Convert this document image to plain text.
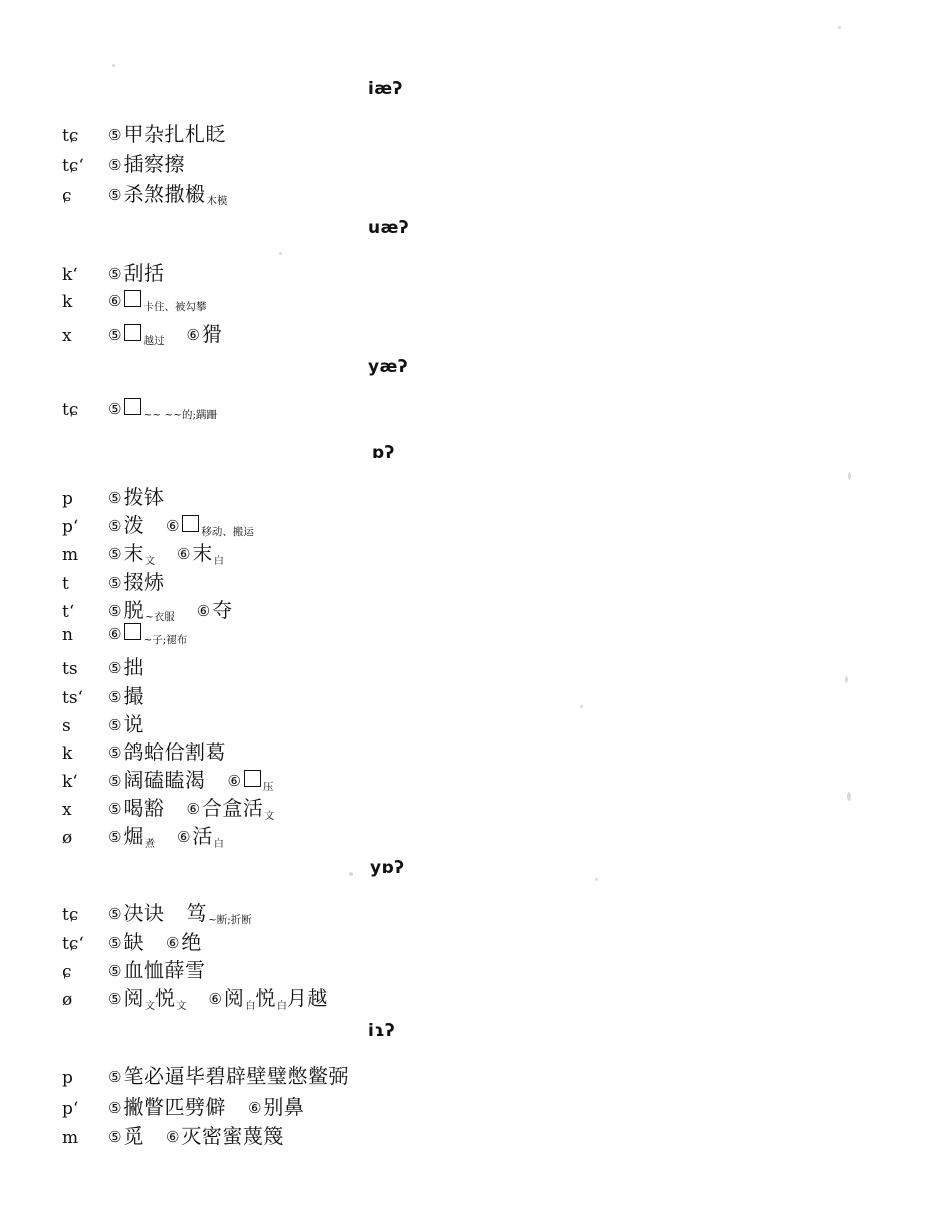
iæʔ
tɕ	⑤ 甲杂扎札眨
tɕ‘	⑤ 插察擦
ɕ	⑤ 杀煞撒榝 木模
uæʔ
k‘	⑤ 刮括
k	⑥ 卡住、被勾攀
x	⑤ 越过 ⑥ 猾
yæʔ
tɕ	⑤ ~~ ~~的;蹒跚
ɒʔ
p	⑤ 拨钵
p‘	⑤ 泼 ⑥ 移动、搬运
m	⑤ 末 文 ⑥ 末 白
t	⑤ 掇焃
t‘	⑤ 脱 ~衣服 ⑥ 夺
n	⑥ ~子;褪布
ts	⑤ 拙
ts‘	⑤ 撮
s	⑤ 说
k	⑤ 鸽蛤佮割葛
k‘	⑤ 阔磕瞌渴 ⑥ 压
x	⑤ 喝豁 ⑥ 合盒活 文
ø	⑤ 煀 煮 ⑥ 活 白
yɒʔ
tɕ	⑤ 决诀 笃 ~断;折断
tɕ‘	⑤ 缺 ⑥ 绝
ɕ	⑤ 血恤薛雪
ø	⑤ 阅 文 悦 文 ⑥ 阅 白 悦 白 月越
iɿʔ
p	⑤ 笔必逼毕碧辟壁璧憋鳖弼
p‘	⑤ 撇瞥匹劈僻 ⑥ 别鼻
m	⑤ 觅 ⑥ 灭密蜜蔑篾
